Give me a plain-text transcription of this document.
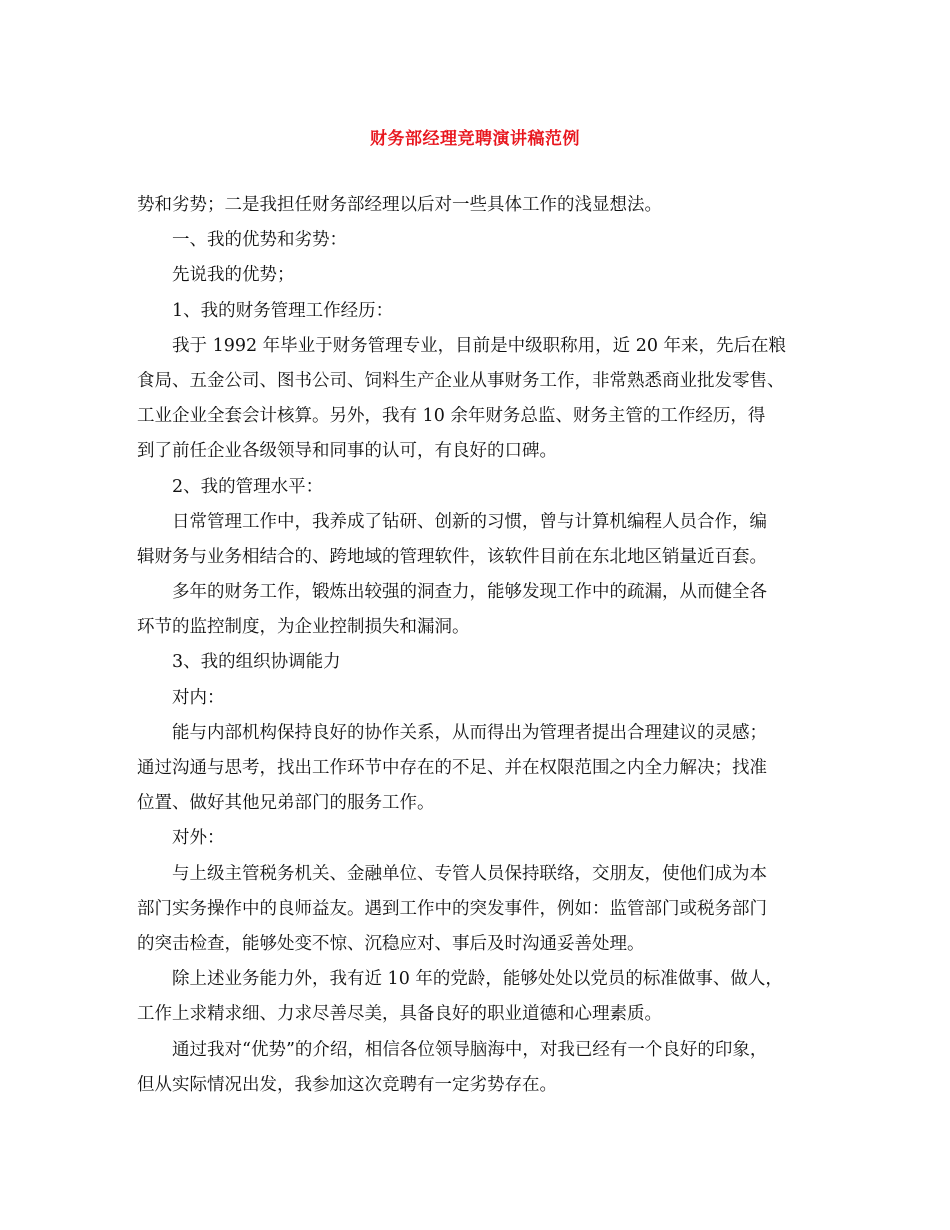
财务部经理竞聘演讲稿范例
势和劣势；二是我担任财务部经理以后对一些具体工作的浅显想法。
一、我的优势和劣势：
先说我的优势；
1、我的财务管理工作经历：
我于 1992 年毕业于财务管理专业，目前是中级职称用，近 20 年来，先后在粮
食局、五金公司、图书公司、饲料生产企业从事财务工作，非常熟悉商业批发零售、
工业企业全套会计核算。另外，我有 10 余年财务总监、财务主管的工作经历，得
到了前任企业各级领导和同事的认可，有良好的口碑。
2、我的管理水平：
日常管理工作中，我养成了钻研、创新的习惯，曾与计算机编程人员合作，编
辑财务与业务相结合的、跨地域的管理软件，该软件目前在东北地区销量近百套。
多年的财务工作，锻炼出较强的洞查力，能够发现工作中的疏漏，从而健全各
环节的监控制度，为企业控制损失和漏洞。
3、我的组织协调能力
对内：
能与内部机构保持良好的协作关系，从而得出为管理者提出合理建议的灵感；
通过沟通与思考，找出工作环节中存在的不足、并在权限范围之内全力解决；找准
位置、做好其他兄弟部门的服务工作。
对外：
与上级主管税务机关、金融单位、专管人员保持联络，交朋友，使他们成为本
部门实务操作中的良师益友。遇到工作中的突发事件，例如：监管部门或税务部门
的突击检查，能够处变不惊、沉稳应对、事后及时沟通妥善处理。
除上述业务能力外，我有近 10 年的党龄，能够处处以党员的标准做事、做人，
工作上求精求细、力求尽善尽美，具备良好的职业道德和心理素质。
通过我对“优势”的介绍，相信各位领导脑海中，对我已经有一个良好的印象，
但从实际情况出发，我参加这次竞聘有一定劣势存在。
